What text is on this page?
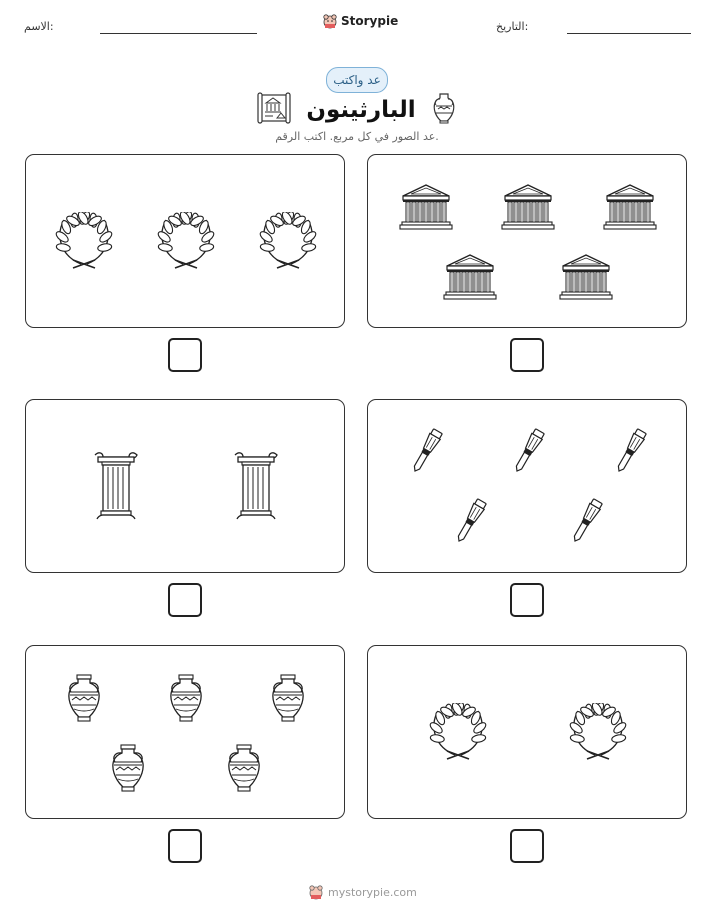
الاسم:	Storypie	التاريخ:
عد واكتب
البارثينون
عد الصور في كل مربع. اكتب الرقم.
mystorypie.com
